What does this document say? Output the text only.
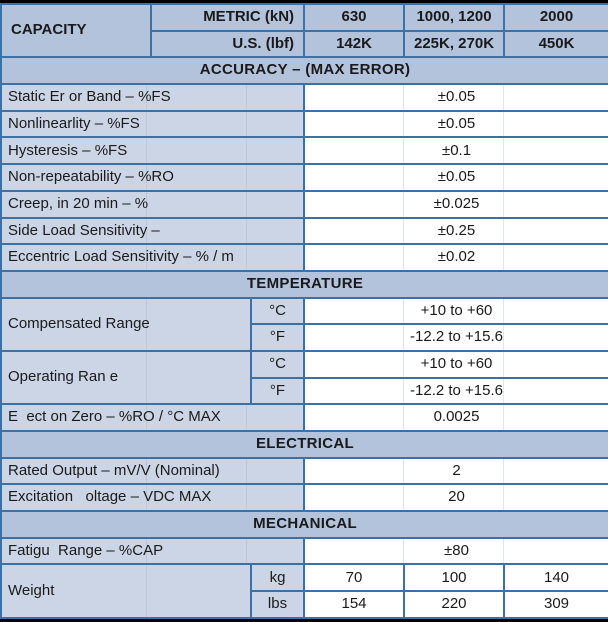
CAPACITY	METRIC (kN)		630	1000, 1200	2000
	U.S. (lbf)		142K	225K, 270K	450K
ACCURACY – (MAX ERROR)					
Static Er or Band – %FS			±0.05		
Nonlinearlity – %FS			±0.05		
Hysteresis – %FS			±0.1		
Non-repeatability – %RO			±0.05		
Creep, in 20 min – %			±0.025		
Side Load Sensitivity –			±0.25		
Eccentric Load Sensitivity – % / m			±0.02		
TEMPERATURE					
Compensated Range		°C	+10 to +60		
		°F	-12.2 to +15.6		
Operating Ran e		°C	+10 to +60		
		°F	-12.2 to +15.6		
E  ect on Zero – %RO / °C MAX			0.0025		
ELECTRICAL					
Rated Output – mV/V (Nominal)			2		
Excitation   oltage – VDC MAX			20		
MECHANICAL					
Fatigu  Range – %CAP			±80		
Weight		kg	70	100	140
		lbs	154	220	309
